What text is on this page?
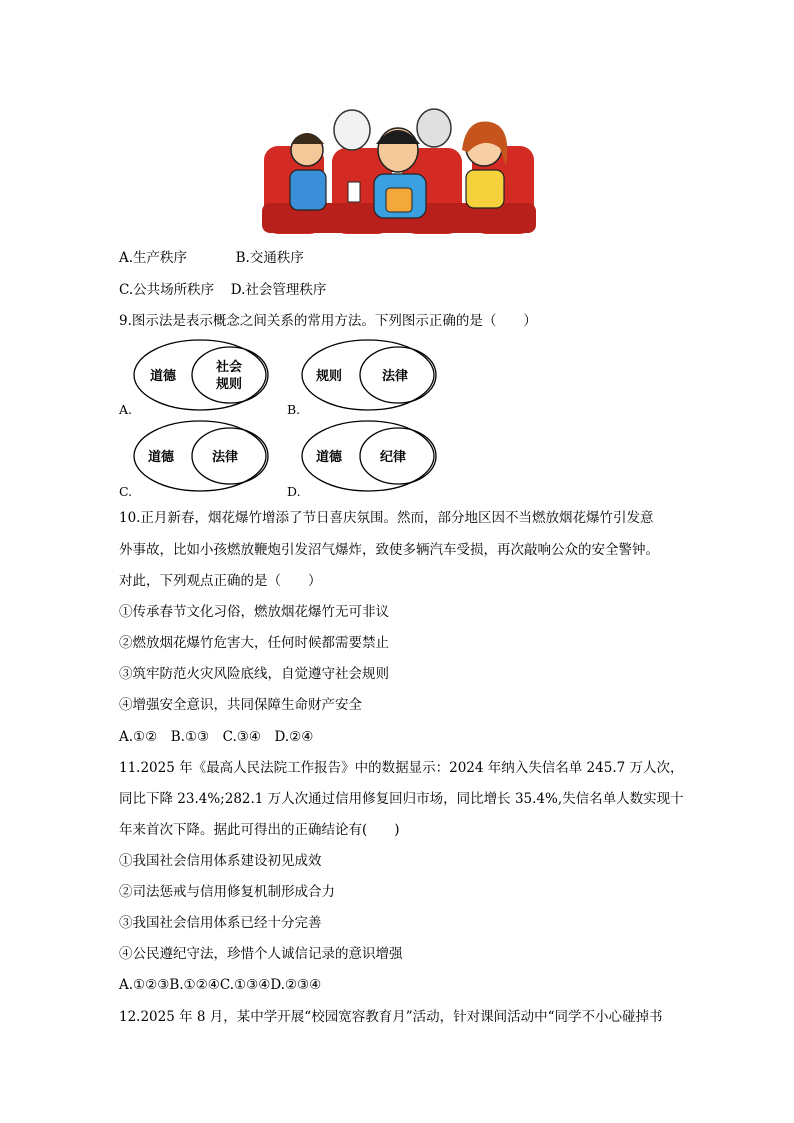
A.生产秩序	B.交通秩序
C.公共场所秩序 D.社会管理秩序
9.图示法是表示概念之间关系的常用方法。下列图示正确的是（　　）
道德
社会
规则
A.
规则	法律
B.
道德	法律
C.
道德	纪律
D.
10.正月新春，烟花爆竹增添了节日喜庆氛围。然而，部分地区因不当燃放烟花爆竹引发意
外事故，比如小孩燃放鞭炮引发沼气爆炸，致使多辆汽车受损，再次敲响公众的安全警钟。
对此，下列观点正确的是（　　）
①传承春节文化习俗，燃放烟花爆竹无可非议
②燃放烟花爆竹危害大，任何时候都需要禁止
③筑牢防范火灾风险底线，自觉遵守社会规则
④增强安全意识，共同保障生命财产安全
A.①②　B.①③　C.③④　D.②④
11.2025 年《最高人民法院工作报告》中的数据显示：2024 年纳入失信名单 245.7 万人次，
同比下降 23.4%;282.1 万人次通过信用修复回归市场，同比增长 35.4%,失信名单人数实现十
年来首次下降。据此可得出的正确结论有(　　)
①我国社会信用体系建设初见成效
②司法惩戒与信用修复机制形成合力
③我国社会信用体系已经十分完善
④公民遵纪守法，珍惜个人诚信记录的意识增强
A.①②③B.①②④C.①③④D.②③④
12.2025 年 8 月，某中学开展“校园宽容教育月”活动，针对课间活动中“同学不小心碰掉书
